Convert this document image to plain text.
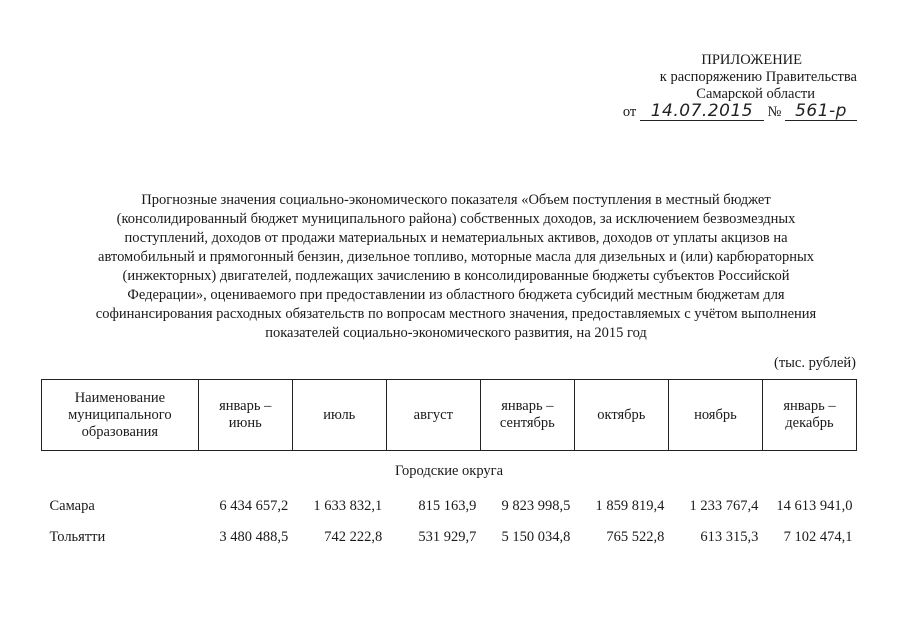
ПРИЛОЖЕНИЕ
к распоряжению Правительства
Самарской области
от 14.07.2015 № 561-р
Прогнозные значения социально-экономического показателя «Объем поступления в местный бюджет
(консолидированный бюджет муниципального района) собственных доходов, за исключением безвозмездных
поступлений, доходов от продажи материальных и нематериальных активов, доходов от уплаты акцизов на
автомобильный и прямогонный бензин, дизельное топливо, моторные масла для дизельных и (или) карбюраторных
(инжекторных) двигателей, подлежащих зачислению в консолидированные бюджеты субъектов Российской
Федерации», оцениваемого при предоставлении из областного бюджета субсидий местным бюджетам для
софинансирования расходных обязательств по вопросам местного значения, предоставляемых с учётом выполнения
показателей социально-экономического развития, на 2015 год
(тыс. рублей)
Наименование муниципального образования	январь – июнь	июль	август	январь – сентябрь	октябрь	ноябрь	январь – декабрь
Городские округа							
Самара	6 434 657,2	1 633 832,1	815 163,9	9 823 998,5	1 859 819,4	1 233 767,4	14 613 941,0
Тольятти	3 480 488,5	742 222,8	531 929,7	5 150 034,8	765 522,8	613 315,3	7 102 474,1
